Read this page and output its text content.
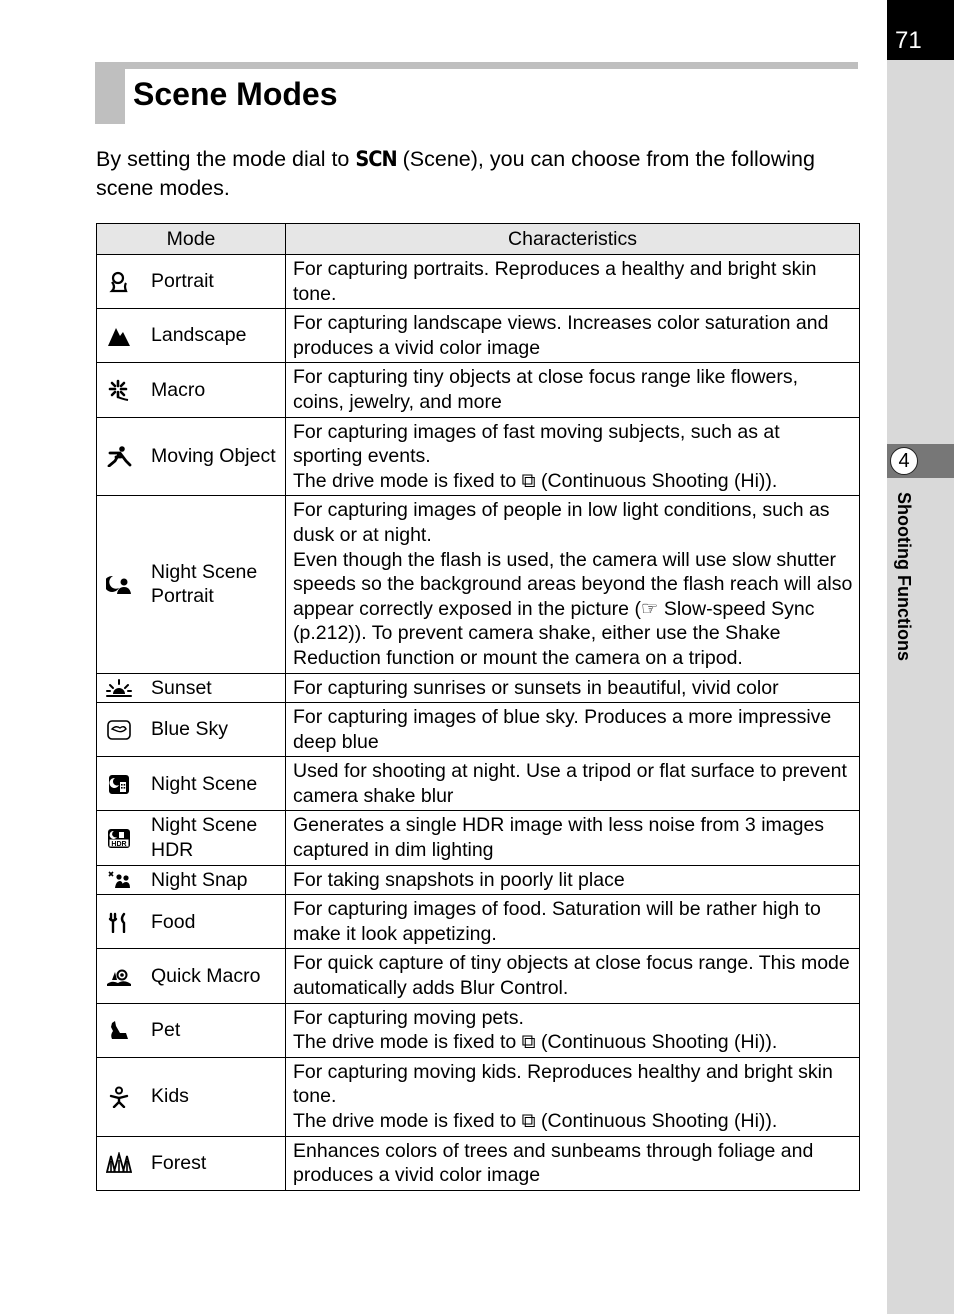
71
4
Shooting Functions
Scene Modes

By setting the mode dial to SCN (Scene), you can choose from the following scene modes.

Mode	Characteristics

Portrait	For capturing portraits. Reproduces a healthy and bright skin tone.

Landscape	For capturing landscape views. Increases color saturation and produces a vivid color image

Macro	For capturing tiny objects at close focus range like flowers, coins, jewelry, and more

Moving Object	For capturing images of fast moving subjects, such as at sporting events.
The drive mode is fixed to ⧉ (Continuous Shooting (Hi)).

Night Scene Portrait	For capturing images of people in low light conditions, such as dusk or at night.
Even though the flash is used, the camera will use slow shutter speeds so the background areas beyond the flash reach will also appear correctly exposed in the picture (☞ Slow-speed Sync (p.212)). To prevent camera shake, either use the Shake Reduction function or mount the camera on a tripod.

Sunset	For capturing sunrises or sunsets in beautiful, vivid color

Blue Sky	For capturing images of blue sky. Produces a more impressive deep blue

Night Scene	Used for shooting at night. Use a tripod or flat surface to prevent camera shake blur

HDR
Night Scene HDR	Generates a single HDR image with less noise from 3 images captured in dim lighting

Night Snap	For taking snapshots in poorly lit place

Food	For capturing images of food. Saturation will be rather high to make it look appetizing.

Quick Macro	For quick capture of tiny objects at close focus range. This mode automatically adds Blur Control.

Pet	For capturing moving pets.
The drive mode is fixed to ⧉ (Continuous Shooting (Hi)).

Kids	For capturing moving kids. Reproduces healthy and bright skin tone.
The drive mode is fixed to ⧉ (Continuous Shooting (Hi)).

Forest	Enhances colors of trees and sunbeams through foliage and produces a vivid color image
